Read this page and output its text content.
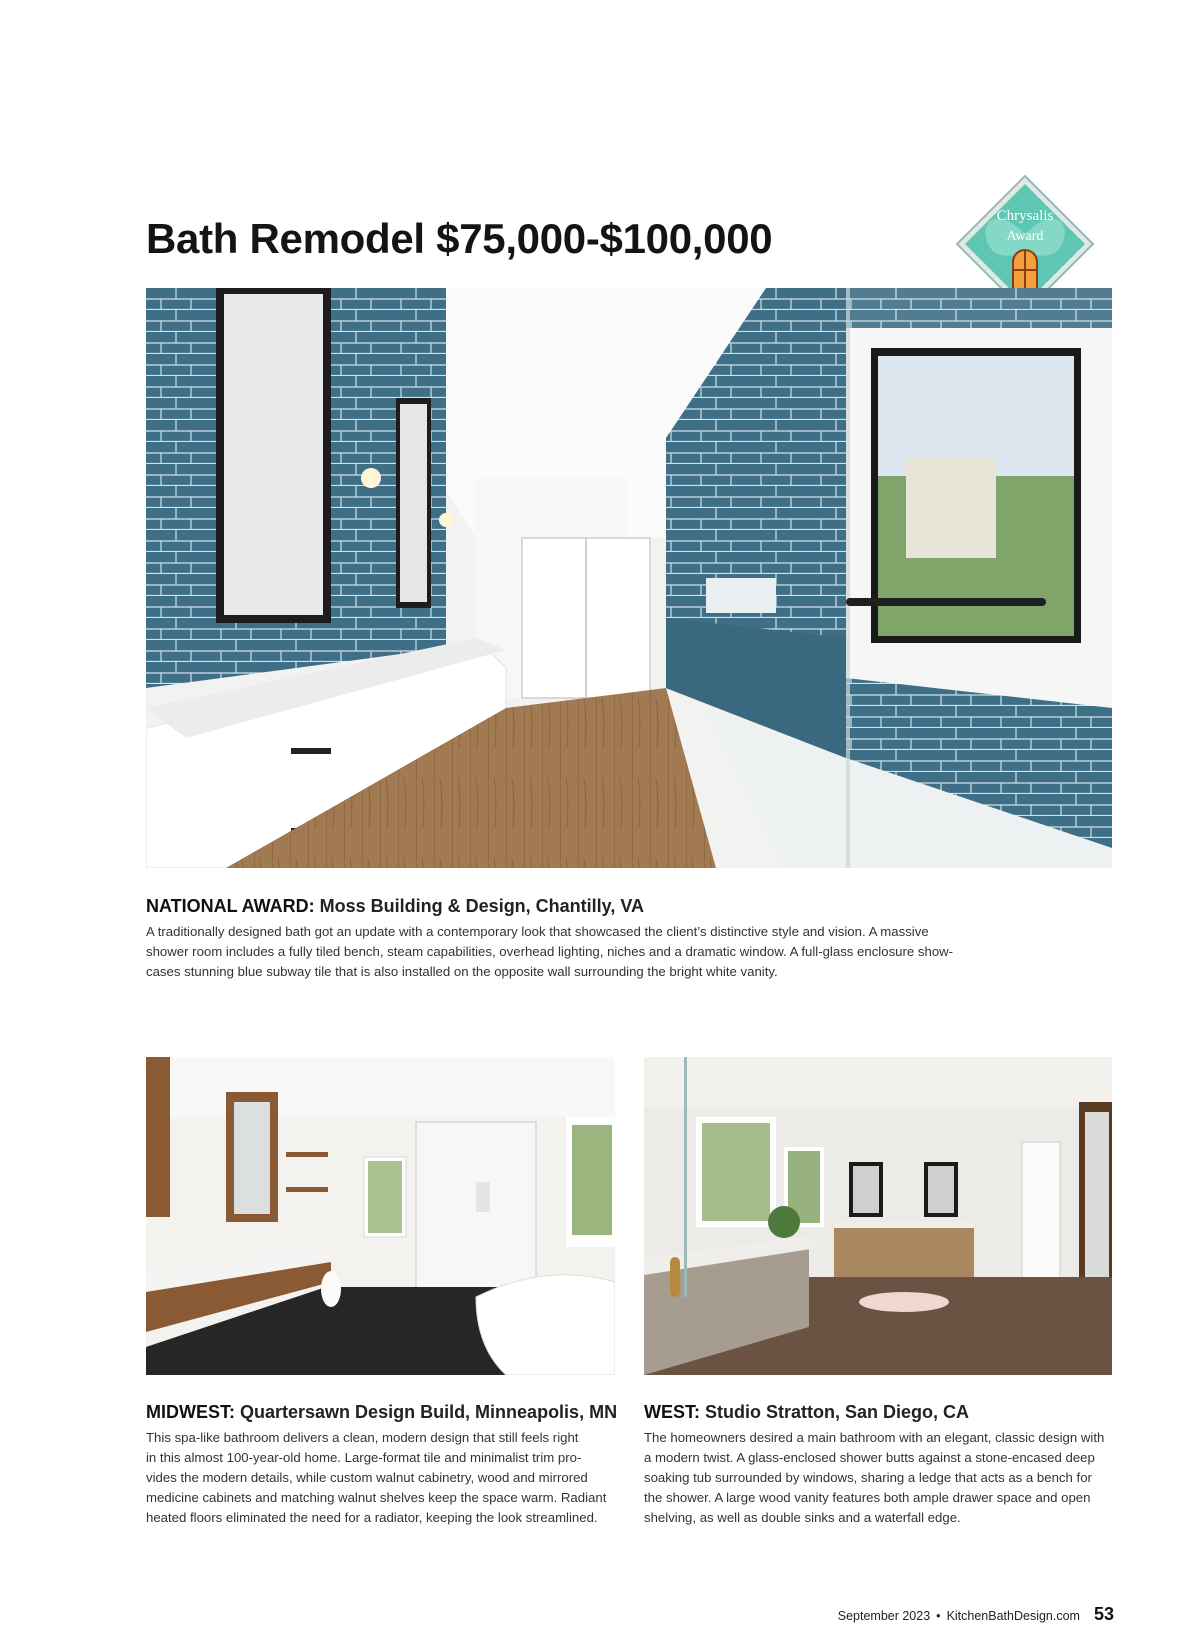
Bath Remodel $75,000-$100,000	Chrysalis
Award
NATIONAL AWARD: Moss Building & Design, Chantilly, VA
A traditionally designed bath got an update with a contemporary look that showcased the client’s distinctive style and vision. A massive
shower room includes a fully tiled bench, steam capabilities, overhead lighting, niches and a dramatic window. A full-glass enclosure show-
cases stunning blue subway tile that is also installed on the opposite wall surrounding the bright white vanity.
MIDWEST: Quartersawn Design Build, Minneapolis, MN
This spa-like bathroom delivers a clean, modern design that still feels right
in this almost 100-year-old home. Large-format tile and minimalist trim pro-
vides the modern details, while custom walnut cabinetry, wood and mirrored
medicine cabinets and matching walnut shelves keep the space warm. Radiant
heated floors eliminated the need for a radiator, keeping the look streamlined.
WEST: Studio Stratton, San Diego, CA
The homeowners desired a main bathroom with an elegant, classic design with
a modern twist. A glass-enclosed shower butts against a stone-encased deep
soaking tub surrounded by windows, sharing a ledge that acts as a bench for
the shower. A large wood vanity features both ample drawer space and open
shelving, as well as double sinks and a waterfall edge.
September 2023 • KitchenBathDesign.com 53
